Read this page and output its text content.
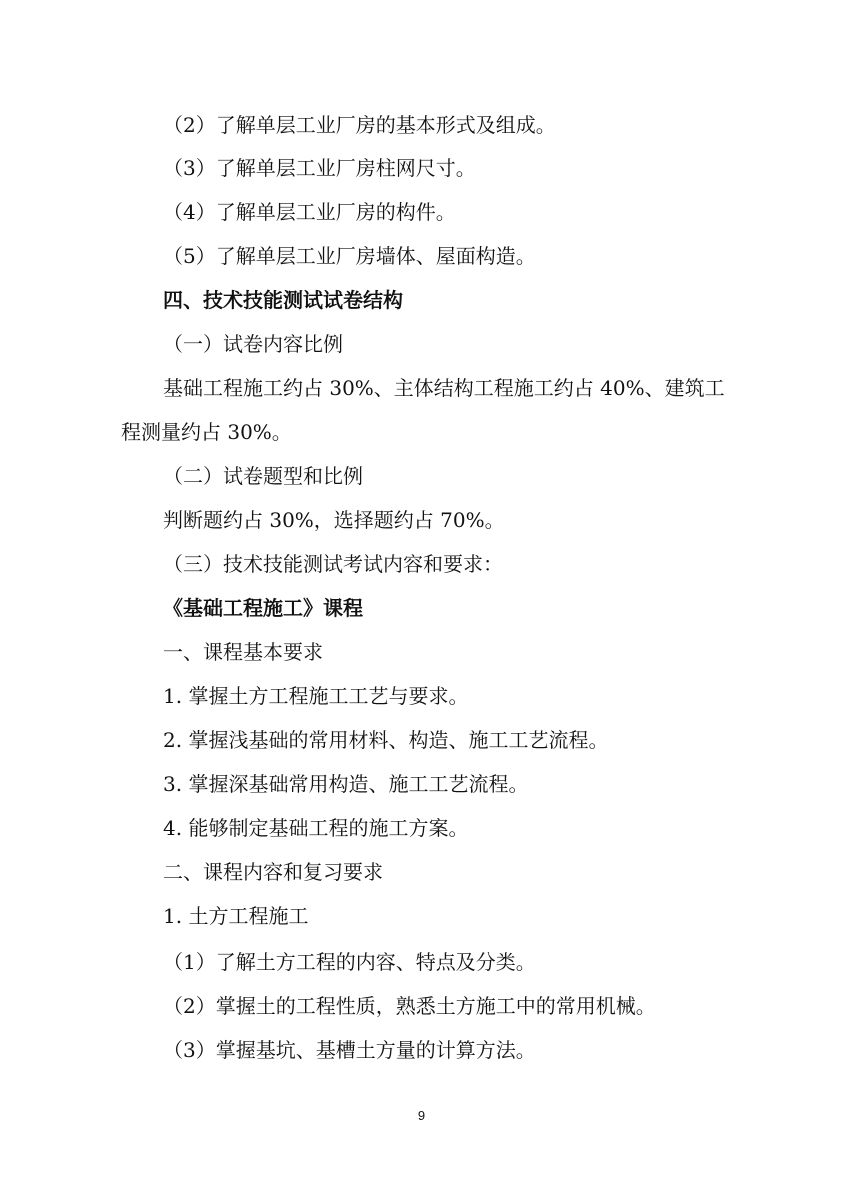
（2）了解单层工业厂房的基本形式及组成。
（3）了解单层工业厂房柱网尺寸。
（4）了解单层工业厂房的构件。
（5）了解单层工业厂房墙体、屋面构造。
四、技术技能测试试卷结构
（一）试卷内容比例
基础工程施工约占 30%、主体结构工程施工约占 40%、建筑工
程测量约占 30%。
（二）试卷题型和比例
判断题约占 30%，选择题约占 70%。
（三）技术技能测试考试内容和要求：
《基础工程施工》课程
一、课程基本要求
1. 掌握土方工程施工工艺与要求。
2. 掌握浅基础的常用材料、构造、施工工艺流程。
3. 掌握深基础常用构造、施工工艺流程。
4. 能够制定基础工程的施工方案。
二、课程内容和复习要求
1. 土方工程施工
（1）了解土方工程的内容、特点及分类。
（2）掌握土的工程性质，熟悉土方施工中的常用机械。
（3）掌握基坑、基槽土方量的计算方法。
9
